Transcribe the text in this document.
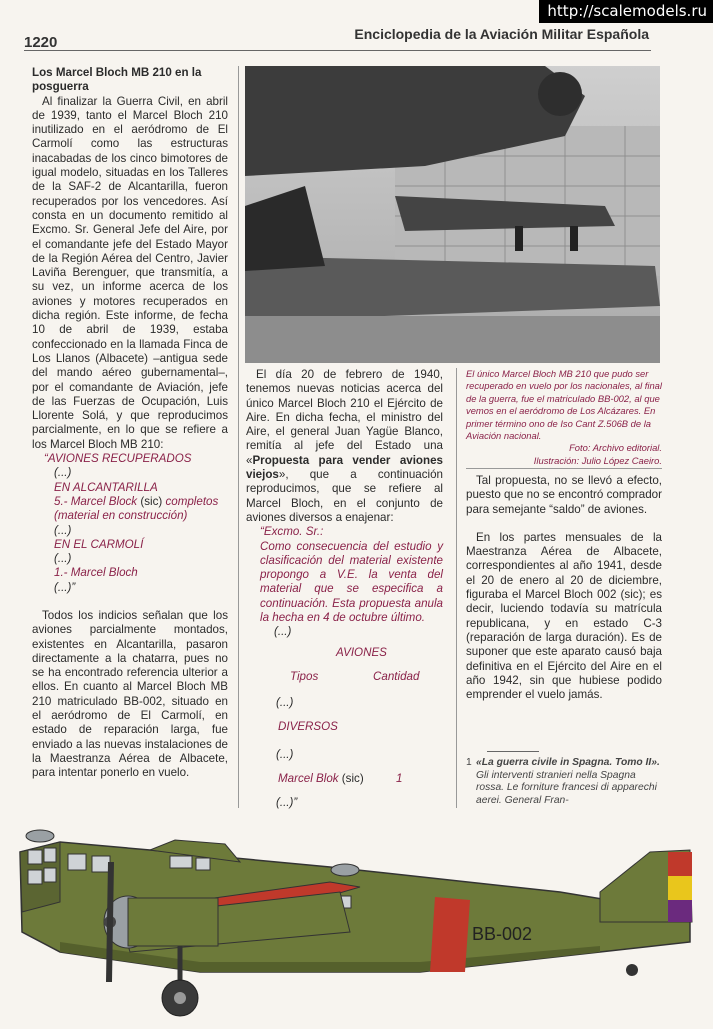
http://scalemodels.ru
1220	Enciclopedia de la Aviación Militar Española

Los Marcel Bloch MB 210 en la posguerra

Al finalizar la Guerra Civil, en abril de 1939, tanto el Marcel Bloch 210 inutilizado en el aeródromo de El Carmolí como las estructuras inacabadas de los cinco bimotores de igual modelo, situadas en los Talleres de la SAF-2 de Alcantarilla, fueron recuperados por los vencedores. Así consta en un documento remitido al Excmo. Sr. General Jefe del Aire, por el comandante jefe del Estado Mayor de la Región Aérea del Centro, Javier Laviña Berenguer, que transmitía, a su vez, un informe acerca de los aviones y motores recuperados en dicha región. Este informe, de fecha 10 de abril de 1939, estaba confeccionado en la llamada Finca de Los Llanos (Albacete) –antigua sede del mando aéreo gubernamental–, por el comandante de Aviación, jefe de las Fuerzas de Ocupación, Luis Llorente Solá, y que reproducimos parcialmente, en lo que se refiere a los Marcel Bloch MB 210:

“AVIONES RECUPERADOS

(...)

EN ALCANTARILLA

5.- Marcel Block (sic) completos (material en construcción)

(...)

EN EL CARMOLÍ

(...)

1.- Marcel Bloch

(...)”

Todos los indicios señalan que los aviones parcialmente montados, existentes en Alcantarilla, pasaron directamente a la chatarra, pues no se ha encontrado referencia ulterior a ellos. En cuanto al Marcel Bloch MB 210 matriculado BB-002, situado en el aeródromo de El Carmolí, en estado de reparación larga, fue enviado a las nuevas instalaciones de la Maestranza Aérea de Albacete, para intentar ponerlo en vuelo.

El día 20 de febrero de 1940, tenemos nuevas noticias acerca del único Marcel Bloch 210 el Ejército de Aire. En dicha fecha, el ministro del Aire, el general Juan Yagüe Blanco, remitía al jefe del Estado una «Propuesta para vender aviones viejos», que a continuación reproducimos, que se refiere al Marcel Bloch, en el conjunto de aviones diversos a enajenar:

“Excmo. Sr.:

Como consecuencia del estudio y clasificación del material existente propongo a V.E. la venta del material que se especifica a continuación. Esta propuesta anula la hecha en 4 de octubre último.

(...)

AVIONES
Tipos	Cantidad
(...)
DIVERSOS
(...)
Marcel Blok (sic)	1
(...)”

El único Marcel Bloch MB 210 que pudo ser recuperado en vuelo por los nacionales, al final de la guerra, fue el matriculado BB-002, al que vemos en el aeródromo de Los Alcázares. En primer término ono de Iso Cant Z.506B de la Aviación nacional.

Foto: Archivo editorial.

Ilustración: Julio López Caeiro.

Tal propuesta, no se llevó a efecto, puesto que no se encontró comprador para semejante “saldo” de aviones.

En los partes mensuales de la Maestranza Aérea de Albacete, correspondientes al año 1941, desde el 20 de enero al 20 de diciembre, figuraba el Marcel Bloch 002 (sic); es decir, luciendo todavía su matrícula republicana, y en estado C-3 (reparación de larga duración). Es de suponer que este aparato causó baja definitiva en el Ejército del Aire en el año 1942, sin que hubiese podido emprender el vuelo jamás.

1 «La guerra civile in Spagna. Tomo II». Gli interventi stranieri nella Spagna rossa. Le forniture francesi di apparechi aerei. General Fran-

BB-002
